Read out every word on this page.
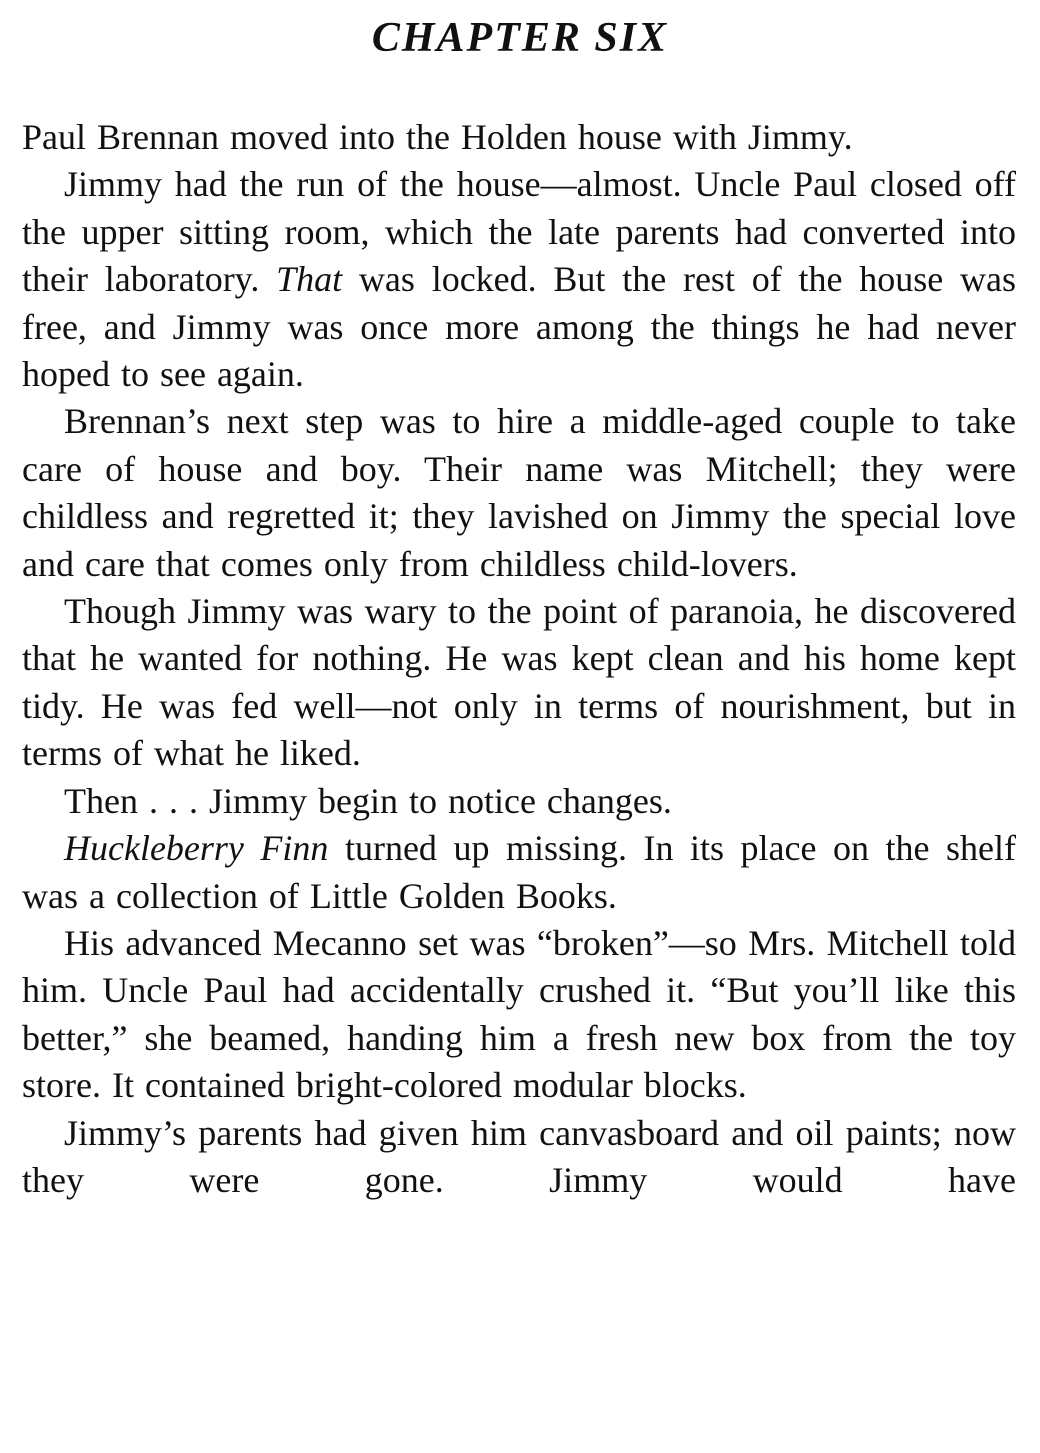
CHAPTER SIX

Paul Brennan moved into the Holden house with Jimmy.

Jimmy had the run of the house—almost. Uncle Paul closed off the upper sitting room, which the late parents had converted into their laboratory. That was locked. But the rest of the house was free, and Jimmy was once more among the things he had never hoped to see again.

Brennan’s next step was to hire a middle-aged couple to take care of house and boy. Their name was Mitchell; they were childless and regretted it; they lavished on Jimmy the special love and care that comes only from childless child-lovers.

Though Jimmy was wary to the point of paranoia, he discovered that he wanted for nothing. He was kept clean and his home kept tidy. He was fed well—not only in terms of nourishment, but in terms of what he liked.

Then . . . Jimmy begin to notice changes.

Huckleberry Finn turned up missing. In its place on the shelf was a collection of Little Golden Books.

His advanced Mecanno set was “broken”—so Mrs. Mitchell told him. Uncle Paul had accidentally crushed it. “But you’ll like this better,” she beamed, handing him a fresh new box from the toy store. It contained bright-colored modular blocks.

Jimmy’s parents had given him canvasboard and oil paints; now they were gone. Jimmy would have
